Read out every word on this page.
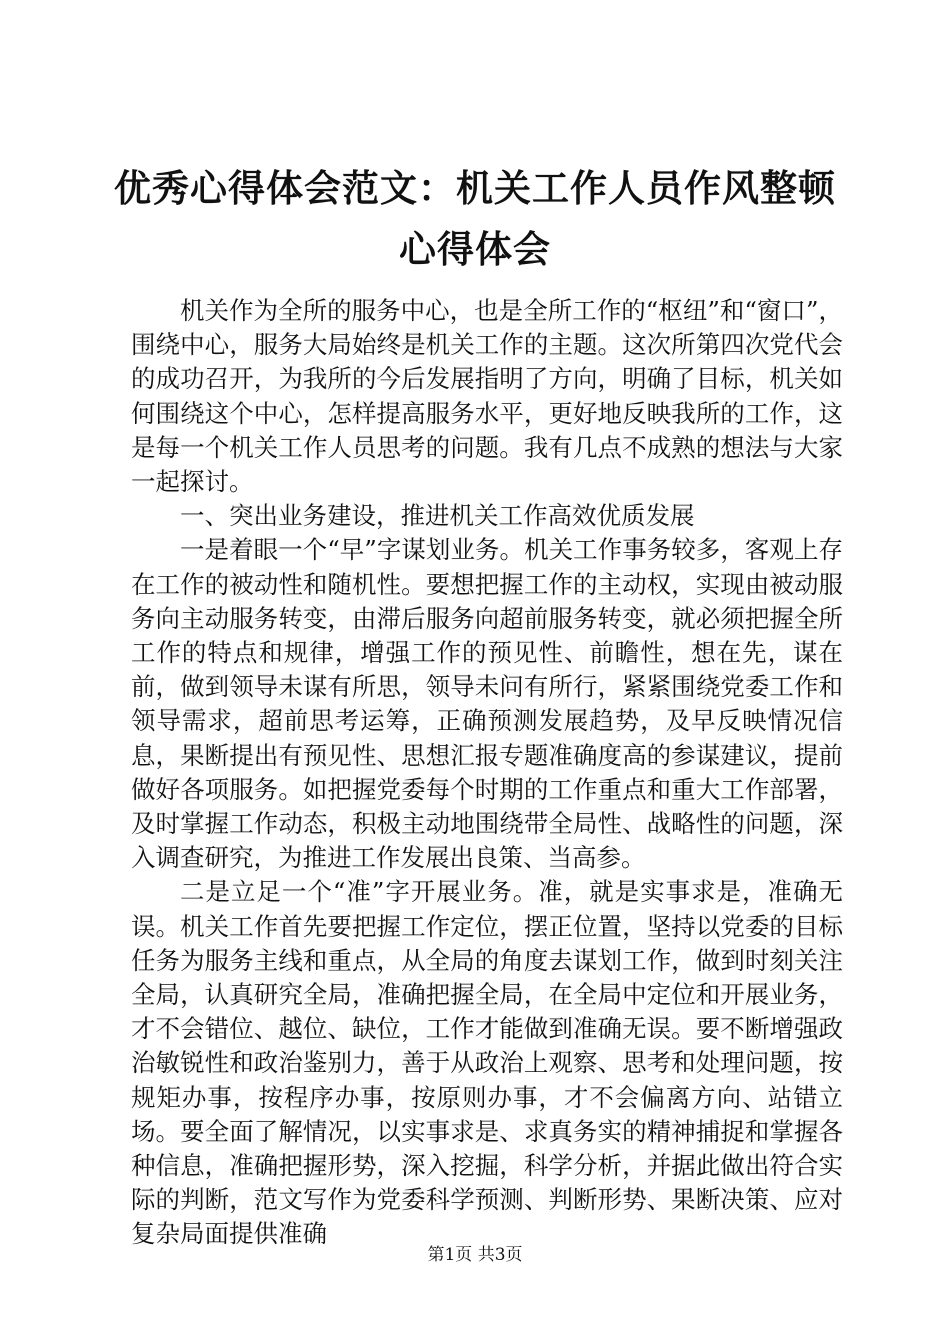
优秀心得体会范文：机关工作人员作风整顿心得体会

机关作为全所的服务中心，也是全所工作的“枢纽”和“窗口”，围绕中心，服务大局始终是机关工作的主题。这次所第四次党代会的成功召开，为我所的今后发展指明了方向，明确了目标，机关如何围绕这个中心，怎样提高服务水平，更好地反映我所的工作，这是每一个机关工作人员思考的问题。我有几点不成熟的想法与大家一起探讨。

一、突出业务建设，推进机关工作高效优质发展

一是着眼一个“早”字谋划业务。机关工作事务较多，客观上存在工作的被动性和随机性。要想把握工作的主动权，实现由被动服务向主动服务转变，由滞后服务向超前服务转变，就必须把握全所工作的特点和规律，增强工作的预见性、前瞻性，想在先，谋在前，做到领导未谋有所思，领导未问有所行，紧紧围绕党委工作和领导需求，超前思考运筹，正确预测发展趋势，及早反映情况信息，果断提出有预见性、思想汇报专题准确度高的参谋建议，提前做好各项服务。如把握党委每个时期的工作重点和重大工作部署，及时掌握工作动态，积极主动地围绕带全局性、战略性的问题，深入调查研究，为推进工作发展出良策、当高参。

二是立足一个“准”字开展业务。准，就是实事求是，准确无误。机关工作首先要把握工作定位，摆正位置，坚持以党委的目标任务为服务主线和重点，从全局的角度去谋划工作，做到时刻关注全局，认真研究全局，准确把握全局，在全局中定位和开展业务，才不会错位、越位、缺位，工作才能做到准确无误。要不断增强政治敏锐性和政治鉴别力，善于从政治上观察、思考和处理问题，按规矩办事，按程序办事，按原则办事，才不会偏离方向、站错立场。要全面了解情况，以实事求是、求真务实的精神捕捉和掌握各种信息，准确把握形势，深入挖掘，科学分析，并据此做出符合实际的判断，范文写作为党委科学预测、判断形势、果断决策、应对复杂局面提供准确

第1页 共3页
